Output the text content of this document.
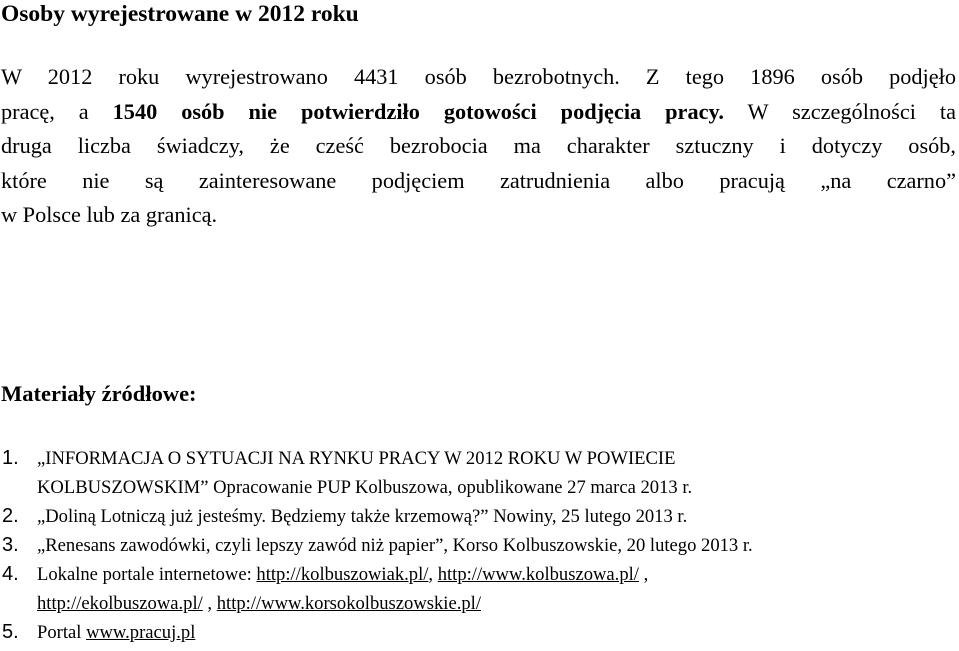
Osoby wyrejestrowane w 2012 roku

W 2012 roku wyrejestrowano 4431 osób bezrobotnych. Z tego 1896 osób podjęło
pracę, a 1540 osób nie potwierdziło gotowości podjęcia pracy. W szczególności ta
druga liczba świadczy, że cześć bezrobocia ma charakter sztuczny i dotyczy osób,
które nie są zainteresowane podjęciem zatrudnienia albo pracują „na czarno”
w Polsce lub za granicą.

Materiały źródłowe:
1. „INFORMACJA O SYTUACJI NA RYNKU PRACY W 2012 ROKU W POWIECIE
KOLBUSZOWSKIM” Opracowanie PUP Kolbuszowa, opublikowane 27 marca 2013 r.
2. „Doliną Lotniczą już jesteśmy. Będziemy także krzemową?” Nowiny, 25 lutego 2013 r.
3. „Renesans zawodówki, czyli lepszy zawód niż papier”, Korso Kolbuszowskie, 20 lutego 2013 r.
4. Lokalne portale internetowe: http://kolbuszowiak.pl/, http://www.kolbuszowa.pl/ ,
http://ekolbuszowa.pl/ , http://www.korsokolbuszowskie.pl/
5. Portal www.pracuj.pl
